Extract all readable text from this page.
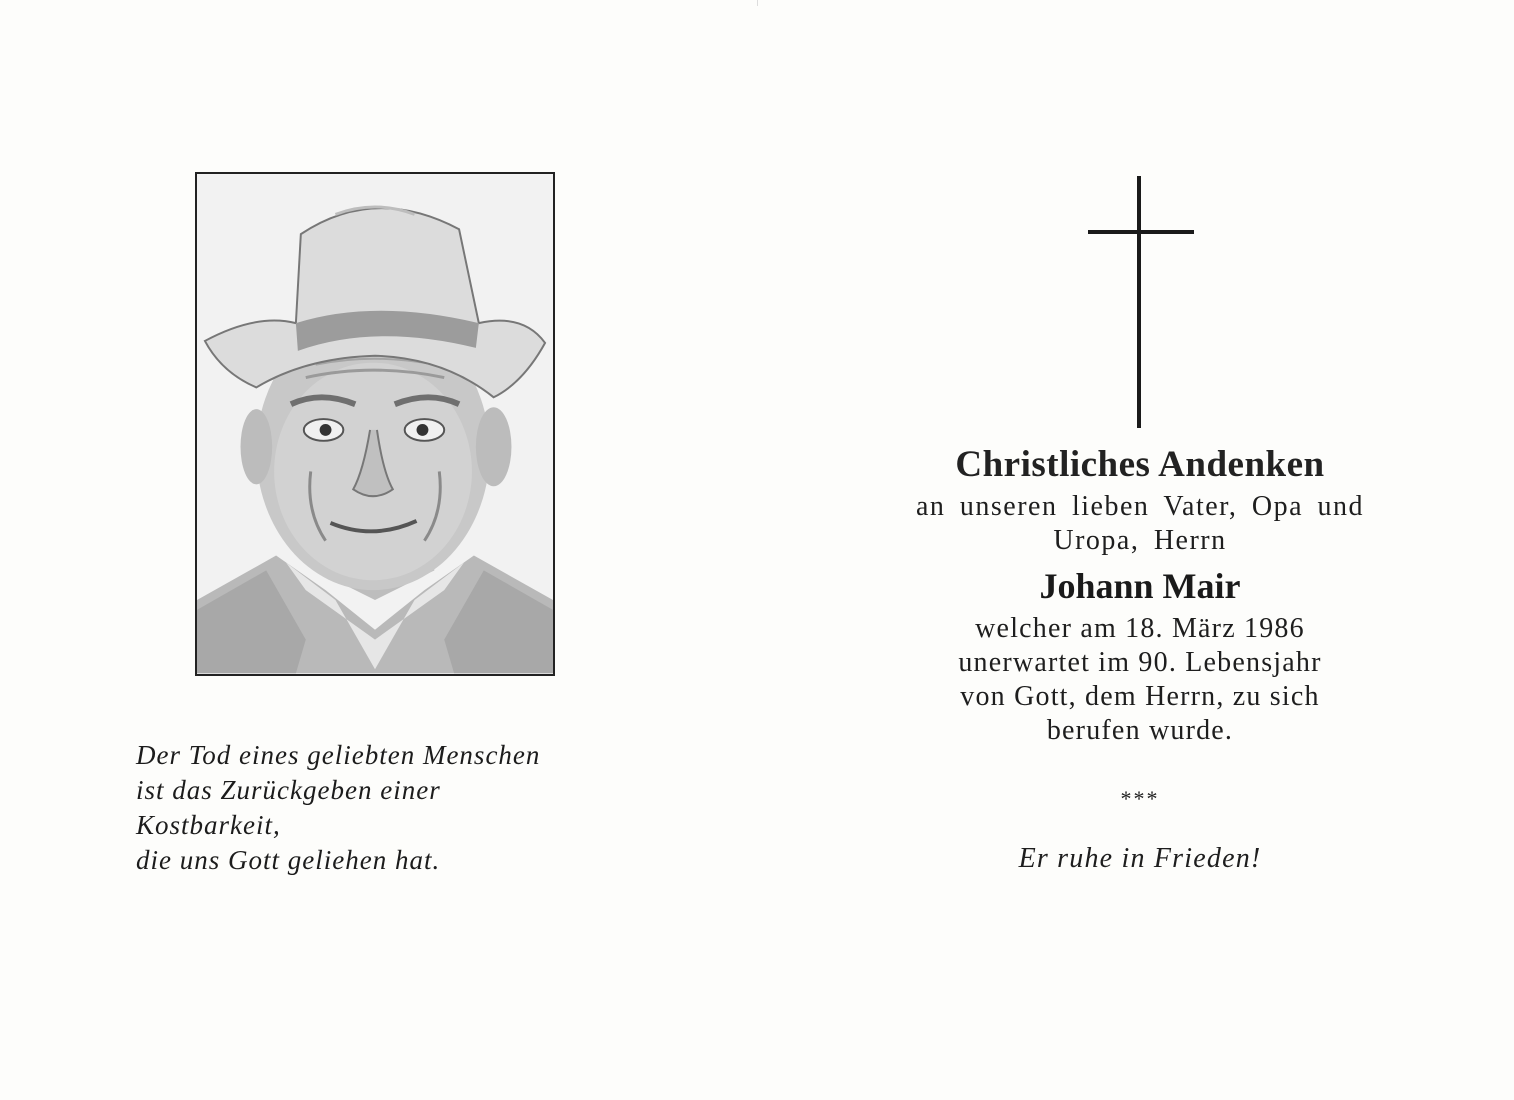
Der Tod eines geliebten Menschen
ist das Zurückgeben einer
Kostbarkeit,
die uns Gott geliehen hat.
Christliches Andenken
an unseren lieben Vater, Opa und
Uropa, Herrn
Johann Mair
welcher am 18. März 1986
unerwartet im 90. Lebensjahr
von Gott, dem Herrn, zu sich
berufen wurde.
***
Er ruhe in Frieden!
